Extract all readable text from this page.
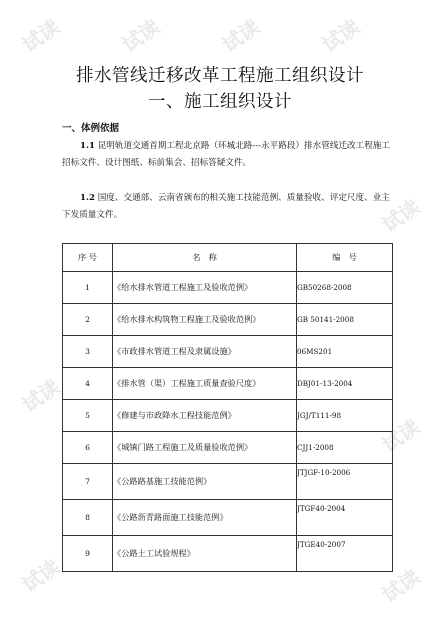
试读	试读	试读	试读
试读
试读
试读
试读	试读
排水管线迁移改革工程施工组织设计
一、施工组织设计
一、体例依据
1.1 昆明轨道交通首期工程北京路（环城北路---永平路段）排水管线迁改工程施工招标文件、设计图纸、标前集会、招标答疑文件。
1.2 国度、交通部、云南省颁布的相关施工技能范例、质量验收、评定尺度、业主下发质量文件。
序 号	名　称	编　号
1	《给水排水管道工程施工及验收范例》	GB50268-2008
2	《给水排水构筑物工程施工及验收范例》	GB 50141-2008
3	《市政排水管道工程及隶属设施》	06MS201
4	《排水管（渠）工程施工质量查验尺度》	DBJ01-13-2004
5	《修建与市政降水工程技能范例》	JGJ/T111-98
6	《城镇门路工程施工及质量验收范例》	CJJ1-2008
7	《公路路基施工技能范例》	JTJGF-10-2006
8	《公路沥青路面施工技能范例》	JTGF40-2004
9	《公路土工试验规程》	JTGE40-2007
